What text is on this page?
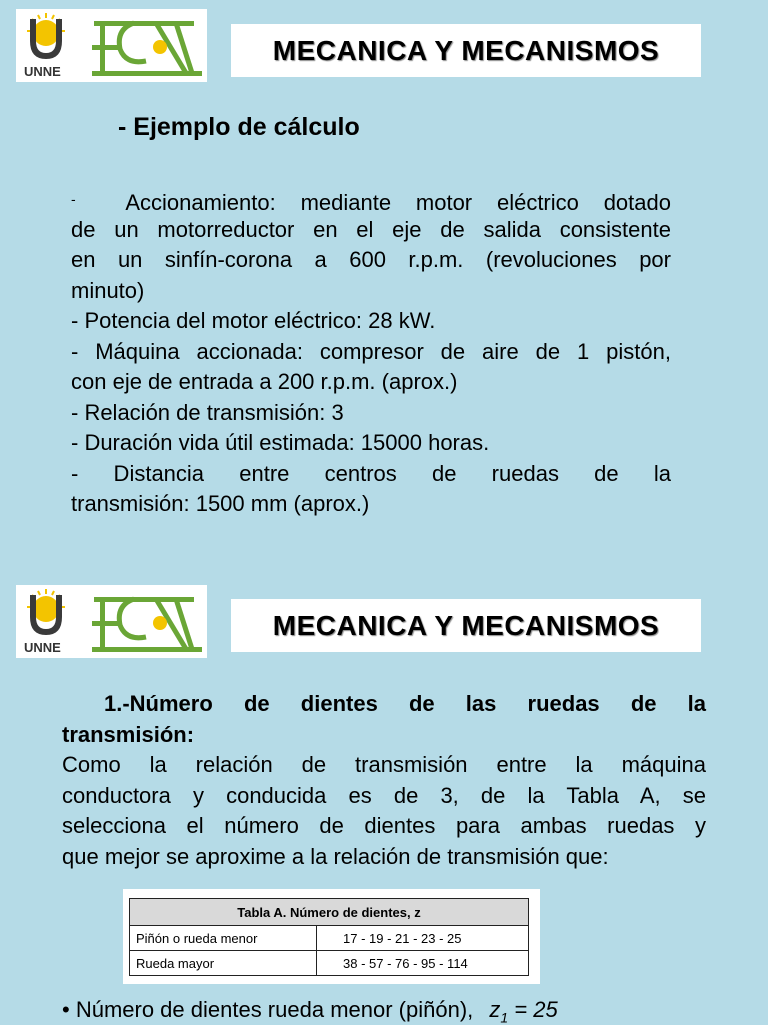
UNNE
MECANICA Y MECANISMOS
- Ejemplo de cálculo
- Accionamiento: mediante motor eléctrico dotado
de un motorreductor en el eje de salida consistente
en un sinfín-corona a 600 r.p.m. (revoluciones por
minuto)
- Potencia del motor eléctrico: 28 kW.
- Máquina accionada: compresor de aire de 1 pistón,
con eje de entrada a 200 r.p.m. (aprox.)
- Relación de transmisión: 3
- Duración vida útil estimada: 15000 horas.
- Distancia entre centros de ruedas de la
transmisión: 1500 mm (aprox.)
UNNE
MECANICA Y MECANISMOS
1.-Número de dientes de las ruedas de la
transmisión:
Como la relación de transmisión entre la máquina
conductora y conducida es de 3, de la Tabla A, se
selecciona el número de dientes para ambas ruedas y
que mejor se aproxime a la relación de transmisión que:
Tabla A. Número de dientes, z	
Piñón o rueda menor	17 - 19 - 21 - 23 - 25
Rueda mayor	38 - 57 - 76 - 95 - 114
• Número de dientes rueda menor (piñón), $z_1 = 25$
